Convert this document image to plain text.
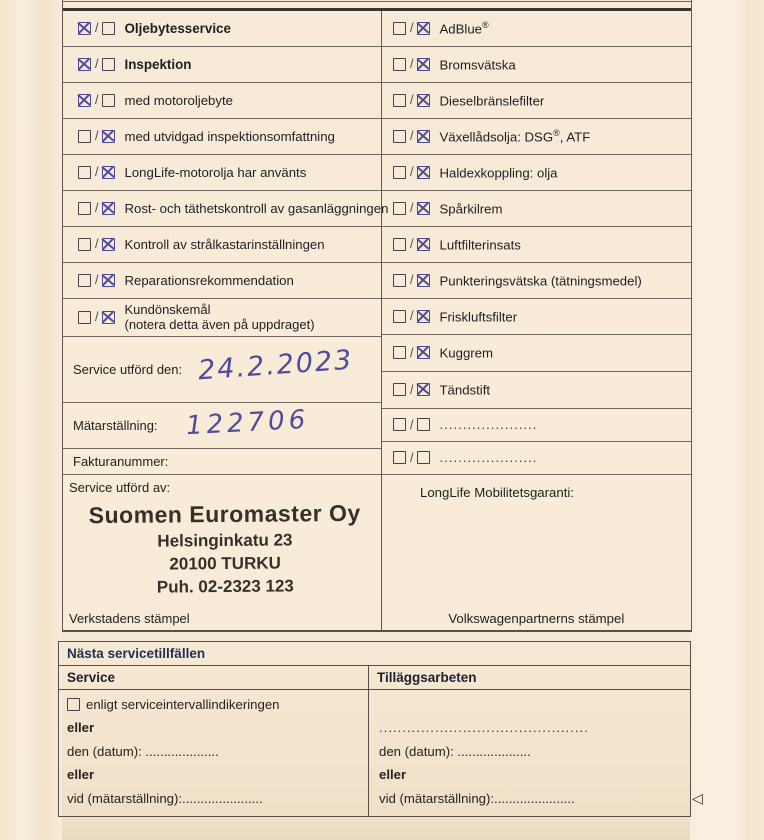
/ Oljebytesservice
/ Inspektion
/ med motoroljebyte
/ med utvidgad inspektionsomfattning
/ LongLife-motorolja har använts
/ Rost- och täthetskontroll av gasanläggningen
/ Kontroll av strålkastarinställningen
/ Reparationsrekommendation
/
Kundönskemål
(notera detta även på uppdraget)
Service utförd den: 24.2.2023
Mätarställning: 122706
Fakturanummer:
Service utförd av:
Suomen Euromaster Oy
Helsinginkatu 23
20100 TURKU
Puh. 02-2323 123
Verkstadens stämpel
/ AdBlue®
/ Bromsvätska
/ Dieselbränslefilter
/ Växellådsolja: DSG®, ATF
/ Haldexkoppling: olja
/ Spårkilrem
/ Luftfilterinsats
/ Punkteringsvätska (tätningsmedel)
/ Friskluftsfilter
/ Kuggrem
/ Tändstift
/ .....................
/ .....................
LongLife Mobilitetsgaranti:
Volkswagenpartnerns stämpel
Nästa servicetillfällen
Service	Tilläggsarbeten
enligt serviceintervallindikeringen
eller
den (datum): ....................
eller
vid (mätarställning):......................
.............................................
den (datum): ....................
eller
vid (mätarställning):......................	◁
